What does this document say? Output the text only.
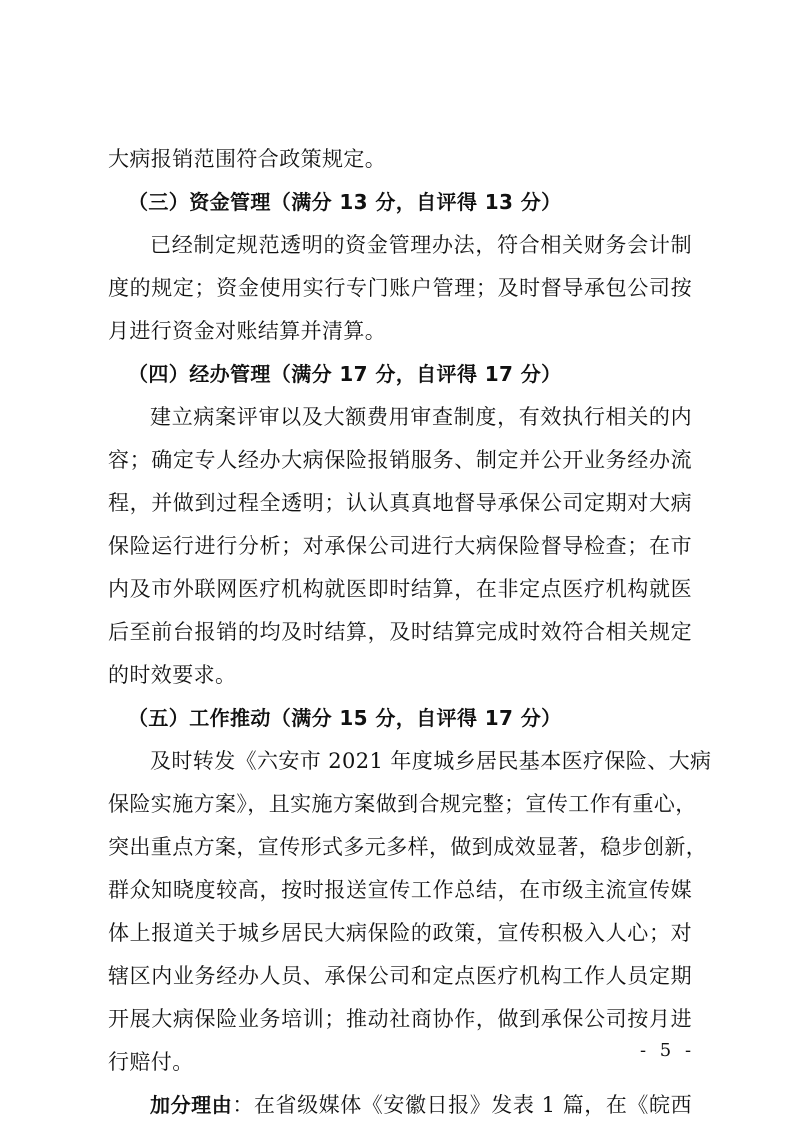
大病报销范围符合政策规定。
（三）资金管理（满分 13 分，自评得 13 分）
已经制定规范透明的资金管理办法，符合相关财务会计制
度的规定；资金使用实行专门账户管理；及时督导承包公司按
月进行资金对账结算并清算。
（四）经办管理（满分 17 分，自评得 17 分）
建立病案评审以及大额费用审查制度，有效执行相关的内
容；确定专人经办大病保险报销服务、制定并公开业务经办流
程，并做到过程全透明；认认真真地督导承保公司定期对大病
保险运行进行分析；对承保公司进行大病保险督导检查；在市
内及市外联网医疗机构就医即时结算，在非定点医疗机构就医
后至前台报销的均及时结算，及时结算完成时效符合相关规定
的时效要求。
（五）工作推动（满分 15 分，自评得 17 分）
及时转发《六安市 2021 年度城乡居民基本医疗保险、大病
保险实施方案》，且实施方案做到合规完整；宣传工作有重心，
突出重点方案，宣传形式多元多样，做到成效显著，稳步创新，
群众知晓度较高，按时报送宣传工作总结，在市级主流宣传媒
体上报道关于城乡居民大病保险的政策，宣传积极入人心；对
辖区内业务经办人员、承保公司和定点医疗机构工作人员定期
开展大病保险业务培训；推动社商协作，做到承保公司按月进
行赔付。
加分理由：在省级媒体《安徽日报》发表 1 篇，在《皖西
- 5 -
